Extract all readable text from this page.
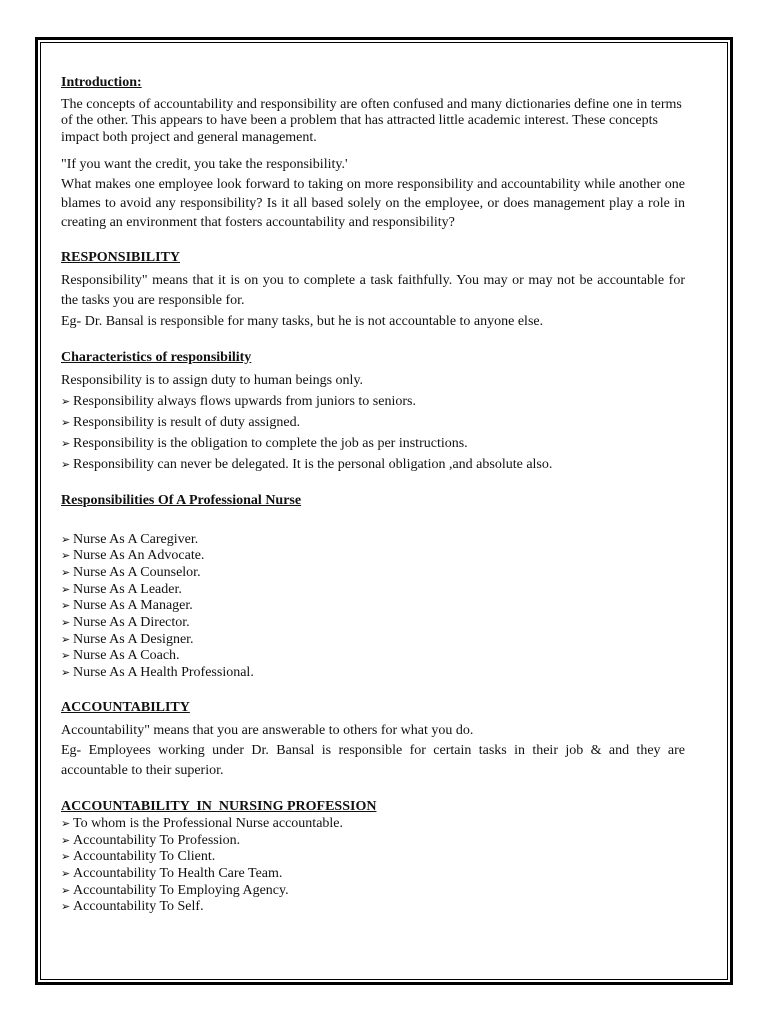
Introduction:

The concepts of accountability and responsibility are often confused and many dictionaries define one in terms of the other. This appears to have been a problem that has attracted little academic interest. These concepts impact both project and general management.

"If you want the credit, you take the responsibility.'

What makes one employee look forward to taking on more responsibility and accountability while another one blames to avoid any responsibility? Is it all based solely on the employee, or does management play a role in creating an environment that fosters accountability and responsibility?

RESPONSIBILITY

Responsibility" means that it is on you to complete a task faithfully. You may or may not be accountable for the tasks you are responsible for.

Eg- Dr. Bansal is responsible for many tasks, but he is not accountable to anyone else.

Characteristics of responsibility

Responsibility is to assign duty to human beings only.

➢ Responsibility always flows upwards from juniors to seniors.
➢ Responsibility is result of duty assigned.
➢ Responsibility is the obligation to complete the job as per instructions.
➢ Responsibility can never be delegated. It is the personal obligation ,and absolute also.
Responsibilities Of A Professional Nurse
➢ Nurse As A Caregiver.
➢ Nurse As An Advocate.
➢ Nurse As A Counselor.
➢ Nurse As A Leader.
➢ Nurse As A Manager.
➢ Nurse As A Director.
➢ Nurse As A Designer.
➢ Nurse As A Coach.
➢ Nurse As A Health Professional.
ACCOUNTABILITY

Accountability" means that you are answerable to others for what you do.

Eg- Employees working under Dr. Bansal is responsible for certain tasks in their job & and they are accountable to their superior.

ACCOUNTABILITY  IN  NURSING PROFESSION
➢ To whom is the Professional Nurse accountable.
➢ Accountability To Profession.
➢ Accountability To Client.
➢ Accountability To Health Care Team.
➢ Accountability To Employing Agency.
➢ Accountability To Self.
